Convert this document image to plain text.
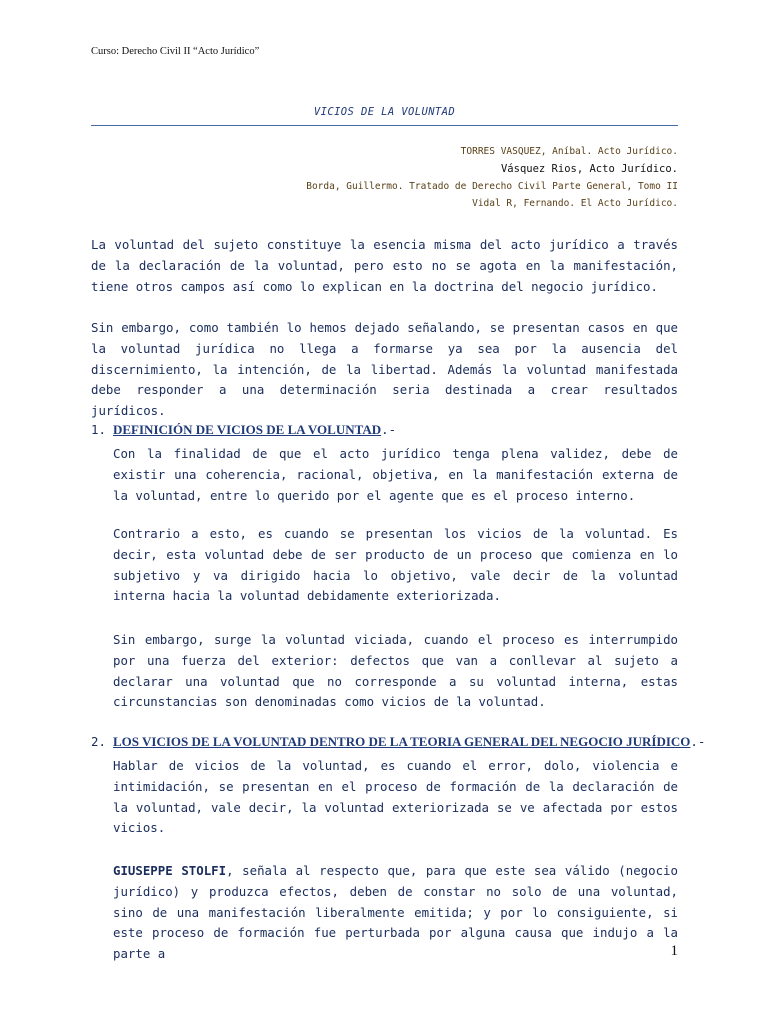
Curso: Derecho Civil II “Acto Jurídico”
VICIOS DE LA VOLUNTAD
TORRES VASQUEZ, Aníbal. Acto Jurídico.
Vásquez Rios, Acto Jurídico.
Borda, Guillermo. Tratado de Derecho Civil Parte General, Tomo II
Vidal R, Fernando. El Acto Jurídico.

La voluntad del sujeto constituye la esencia misma del acto jurídico a través de la declaración de la voluntad, pero esto no se agota en la manifestación, tiene otros campos así como lo explican en la doctrina del negocio jurídico.

Sin embargo, como también lo hemos dejado señalando, se presentan casos en que la voluntad jurídica no llega a formarse ya sea por la ausencia del discernimiento, la intención, de la libertad. Además la voluntad manifestada debe responder a una determinación seria destinada a crear resultados jurídicos.

1. DEFINICIÓN DE VICIOS DE LA VOLUNTAD.-

Con la finalidad de que el acto jurídico tenga plena validez, debe de existir una coherencia, racional, objetiva, en la manifestación externa de la voluntad, entre lo querido por el agente que es el proceso interno.

Contrario a esto, es cuando se presentan los vicios de la voluntad. Es decir, esta voluntad debe de ser producto de un proceso que comienza en lo subjetivo y va dirigido hacia lo objetivo, vale decir de la voluntad interna hacia la voluntad debidamente exteriorizada.

Sin embargo, surge la voluntad viciada, cuando el proceso es interrumpido por una fuerza del exterior: defectos que van a conllevar al sujeto a declarar una voluntad que no corresponde a su voluntad interna, estas circunstancias son denominadas como vicios de la voluntad.

2. LOS VICIOS DE LA VOLUNTAD DENTRO DE LA TEORIA GENERAL DEL NEGOCIO JURÍDICO.-

Hablar de vicios de la voluntad, es cuando el error, dolo, violencia e intimidación, se presentan en el proceso de formación de la declaración de la voluntad, vale decir, la voluntad exteriorizada se ve afectada por estos vicios.

GIUSEPPE STOLFI, señala al respecto que, para que este sea válido (negocio jurídico) y produzca efectos, deben de constar no solo de una voluntad, sino de una manifestación liberalmente emitida; y por lo consiguiente, si este proceso de formación fue perturbada por alguna causa que indujo a la parte a	1
